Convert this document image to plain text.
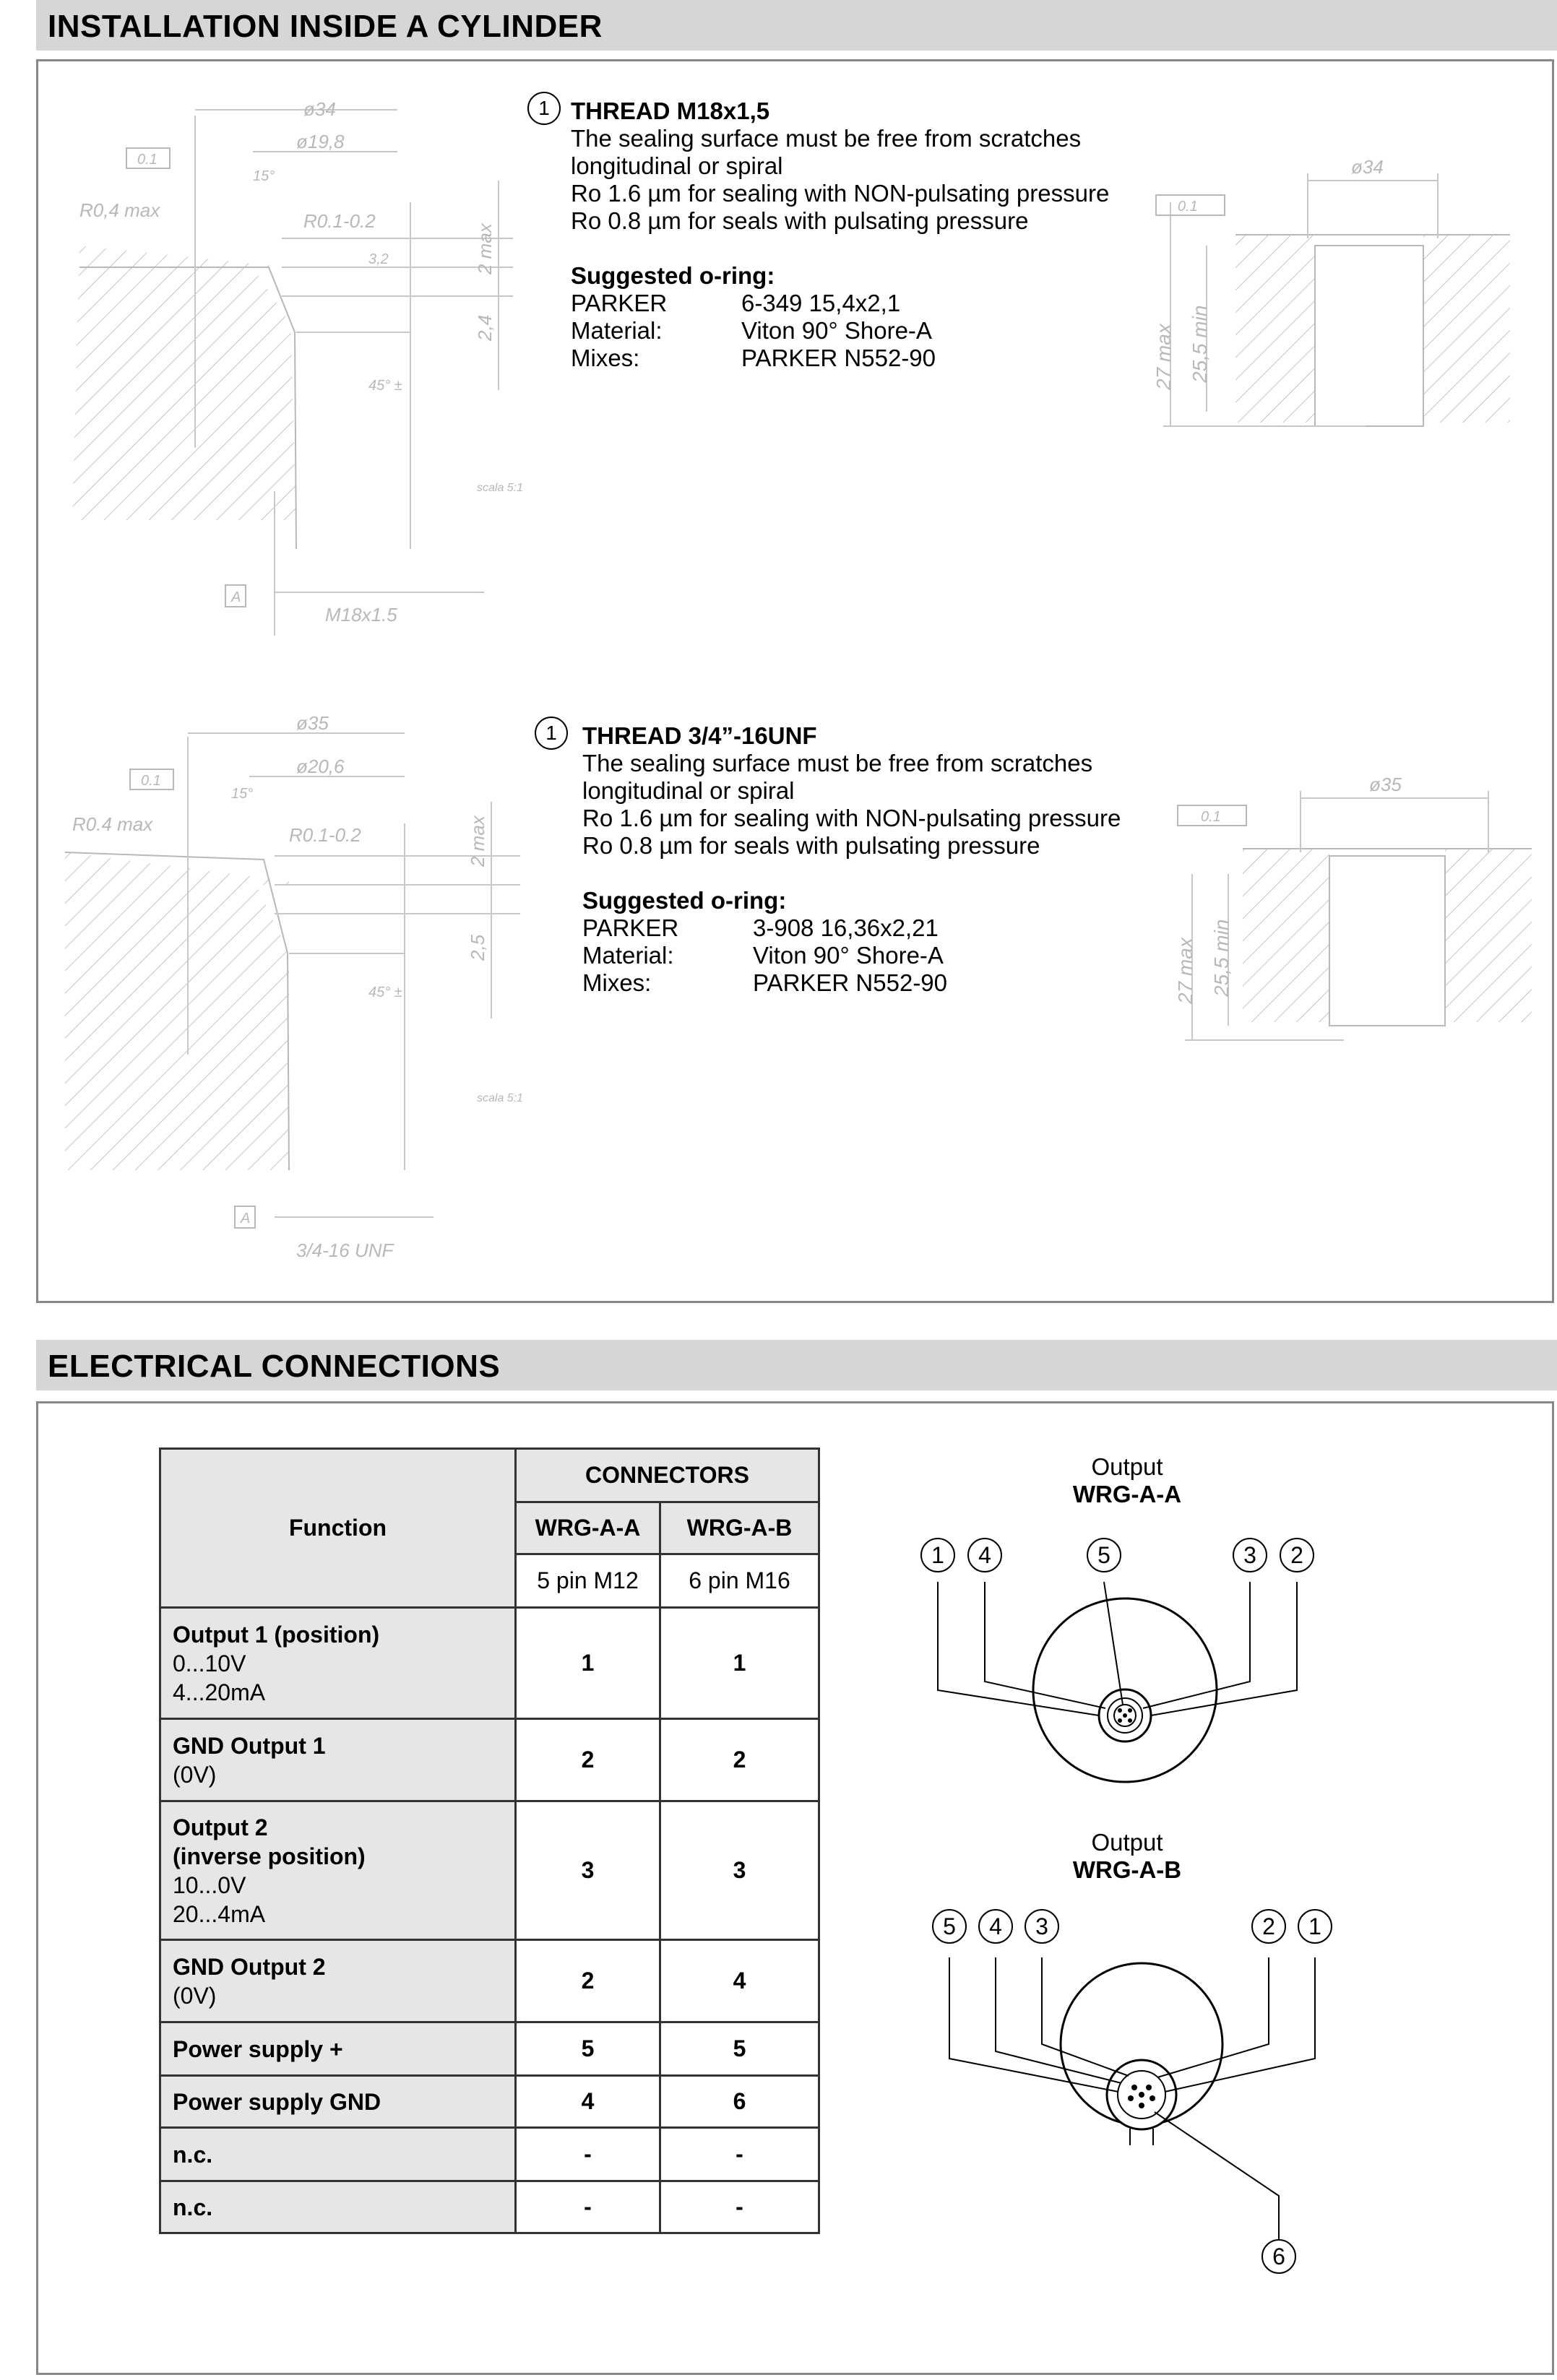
INSTALLATION INSIDE A CYLINDER
ø34
ø19,8
0.1
A
R0,4 max	R0.1-0.2
3,2
15°
45° ±
2 max
2,4
scala 5:1
M18x1.5
1 THREAD M18x1,5
The sealing surface must be free from scratches
longitudinal or spiral
Ro 1.6 µm for sealing with NON-pulsating pressure
Ro 0.8 µm for seals with pulsating pressure
Suggested o-ring:
PARKER	6-349 15,4x2,1
Material:	Viton 90° Shore-A
Mixes:	PARKER N552-90
ø34
0.1
27 max 25,5 min
ø35
ø20,6
0.1
A
R0.4 max	R0.1-0.2
15°
45° ±
2 max
2,5
scala 5:1
3/4-16 UNF
1	THREAD 3/4”-16UNF
The sealing surface must be free from scratches
longitudinal or spiral
Ro 1.6 µm for sealing with NON-pulsating pressure
Ro 0.8 µm for seals with pulsating pressure
Suggested o-ring:
PARKER	3-908 16,36x2,21
Material:	Viton 90° Shore-A
Mixes:	PARKER N552-90
ø35
0.1
27 max 25,5 min
ELECTRICAL CONNECTIONS
Function	CONNECTORS	
	WRG-A-A	WRG-A-B
	5 pin M12	6 pin M16

Output 1 (position)
0...10V
4...20mA	1	1

GND Output 1
(0V)	2	2

Output 2
(inverse position)
10...0V
20...4mA	3	3

GND Output 2
(0V)	2	4
Power supply +	5	5
Power supply GND	4	6
n.c.	-	-
n.c.	-	-
Output
WRG-A-A
1	4	5	3	2
Output
WRG-A-B
5	4	3	2	1
6
